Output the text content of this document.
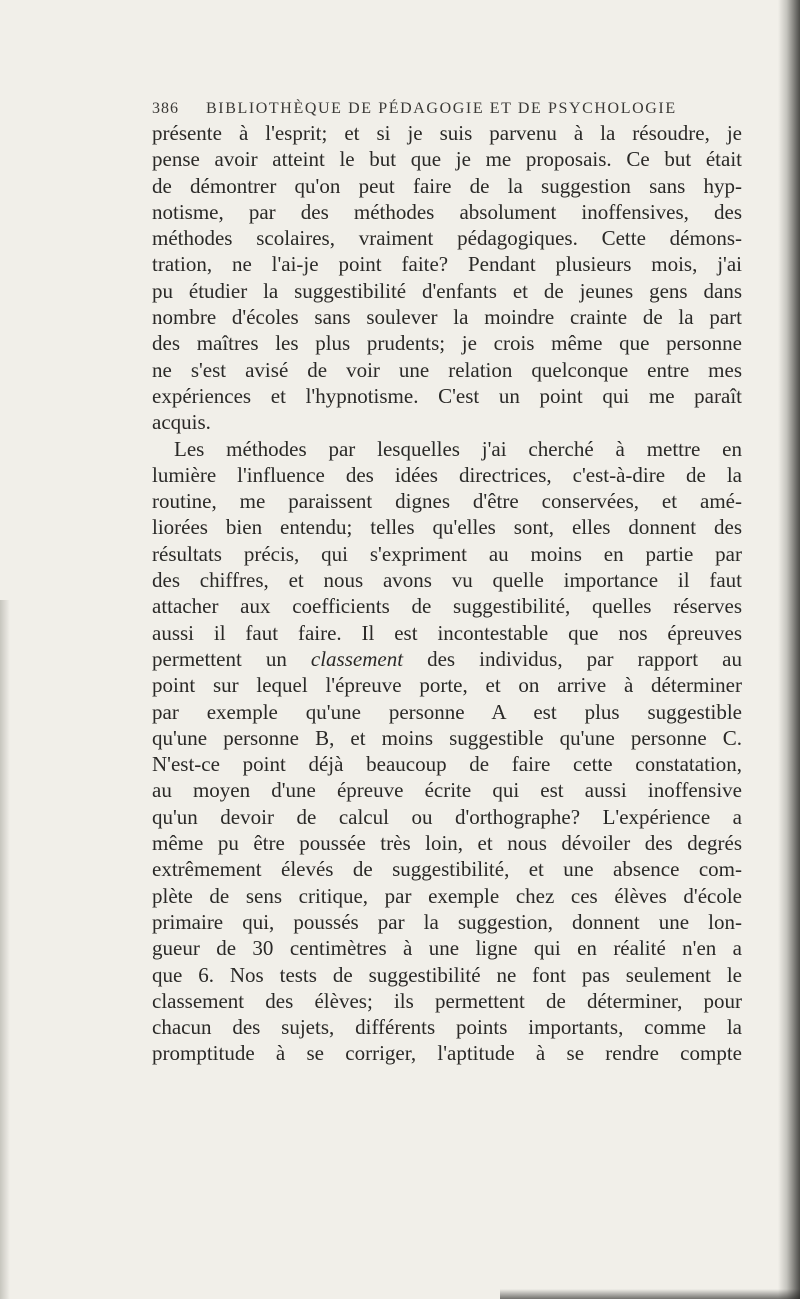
386 BIBLIOTHÈQUE DE PÉDAGOGIE ET DE PSYCHOLOGIE
présente à l'esprit; et si je suis parvenu à la résoudre, je
pense avoir atteint le but que je me proposais. Ce but était
de démontrer qu'on peut faire de la suggestion sans hyp-
notisme, par des méthodes absolument inoffensives, des
méthodes scolaires, vraiment pédagogiques. Cette démons-
tration, ne l'ai-je point faite? Pendant plusieurs mois, j'ai
pu étudier la suggestibilité d'enfants et de jeunes gens dans
nombre d'écoles sans soulever la moindre crainte de la part
des maîtres les plus prudents; je crois même que personne
ne s'est avisé de voir une relation quelconque entre mes
expériences et l'hypnotisme. C'est un point qui me paraît
acquis.
Les méthodes par lesquelles j'ai cherché à mettre en
lumière l'influence des idées directrices, c'est-à-dire de la
routine, me paraissent dignes d'être conservées, et amé-
liorées bien entendu; telles qu'elles sont, elles donnent des
résultats précis, qui s'expriment au moins en partie par
des chiffres, et nous avons vu quelle importance il faut
attacher aux coefficients de suggestibilité, quelles réserves
aussi il faut faire. Il est incontestable que nos épreuves
permettent un classement des individus, par rapport au
point sur lequel l'épreuve porte, et on arrive à déterminer
par exemple qu'une personne A est plus suggestible
qu'une personne B, et moins suggestible qu'une personne C.
N'est-ce point déjà beaucoup de faire cette constatation,
au moyen d'une épreuve écrite qui est aussi inoffensive
qu'un devoir de calcul ou d'orthographe? L'expérience a
même pu être poussée très loin, et nous dévoiler des degrés
extrêmement élevés de suggestibilité, et une absence com-
plète de sens critique, par exemple chez ces élèves d'école
primaire qui, poussés par la suggestion, donnent une lon-
gueur de 30 centimètres à une ligne qui en réalité n'en a
que 6. Nos tests de suggestibilité ne font pas seulement le
classement des élèves; ils permettent de déterminer, pour
chacun des sujets, différents points importants, comme la
promptitude à se corriger, l'aptitude à se rendre compte
